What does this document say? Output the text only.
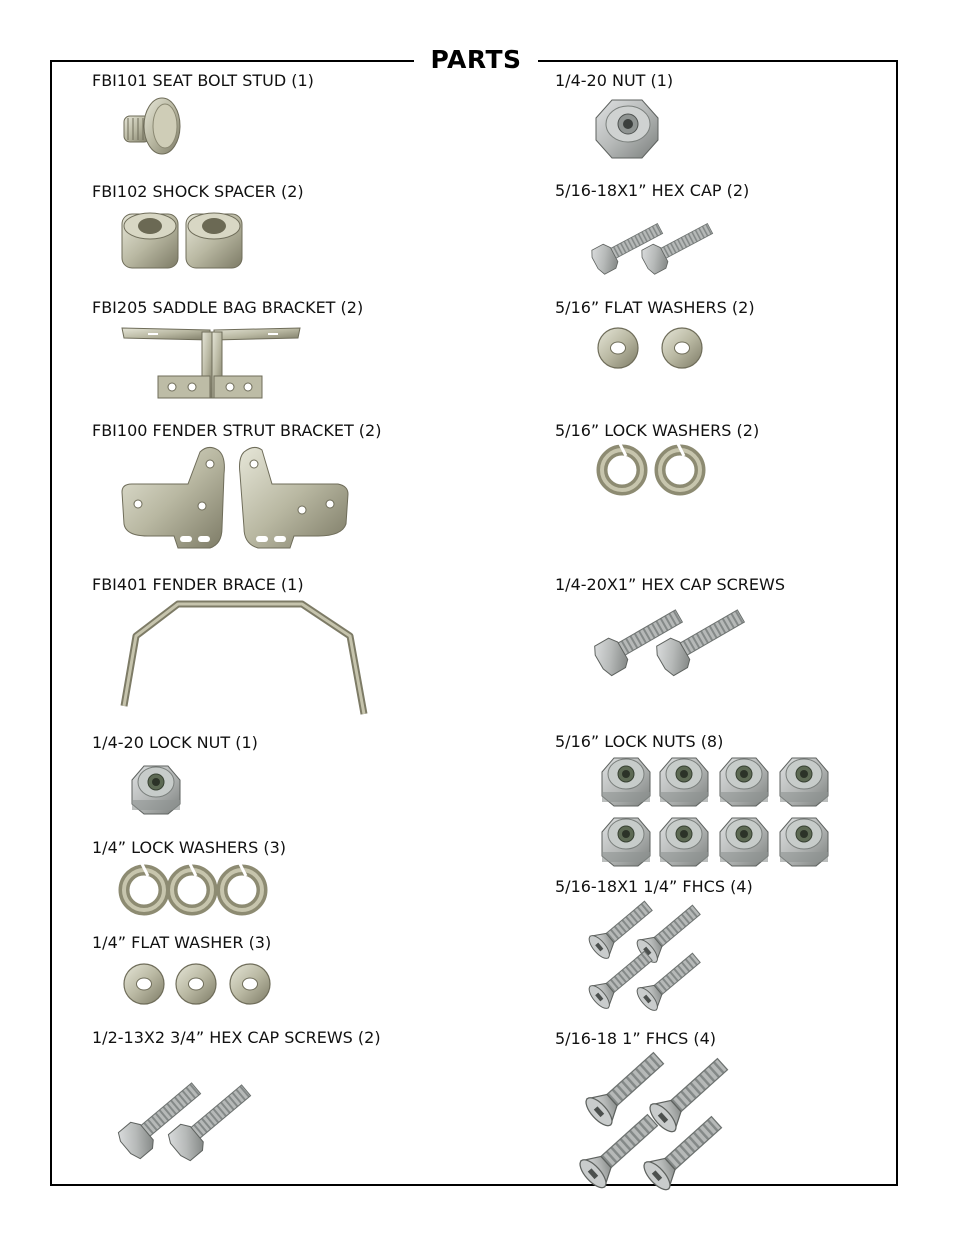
PARTS
FBI101 SEAT BOLT STUD (1)
FBI102 SHOCK SPACER (2)
FBI205 SADDLE BAG BRACKET (2)
FBI100 FENDER STRUT BRACKET (2)
FBI401 FENDER BRACE (1)
1/4-20 LOCK NUT (1)
1/4” LOCK WASHERS (3)
1/4” FLAT WASHER (3)
1/2-13X2 3/4” HEX CAP SCREWS (2)
1/4-20 NUT (1)
5/16-18X1” HEX CAP (2)
5/16” FLAT WASHERS (2)
5/16” LOCK WASHERS (2)
1/4-20X1” HEX CAP SCREWS
5/16” LOCK NUTS (8)
5/16-18X1 1/4” FHCS (4)
5/16-18 1” FHCS (4)
